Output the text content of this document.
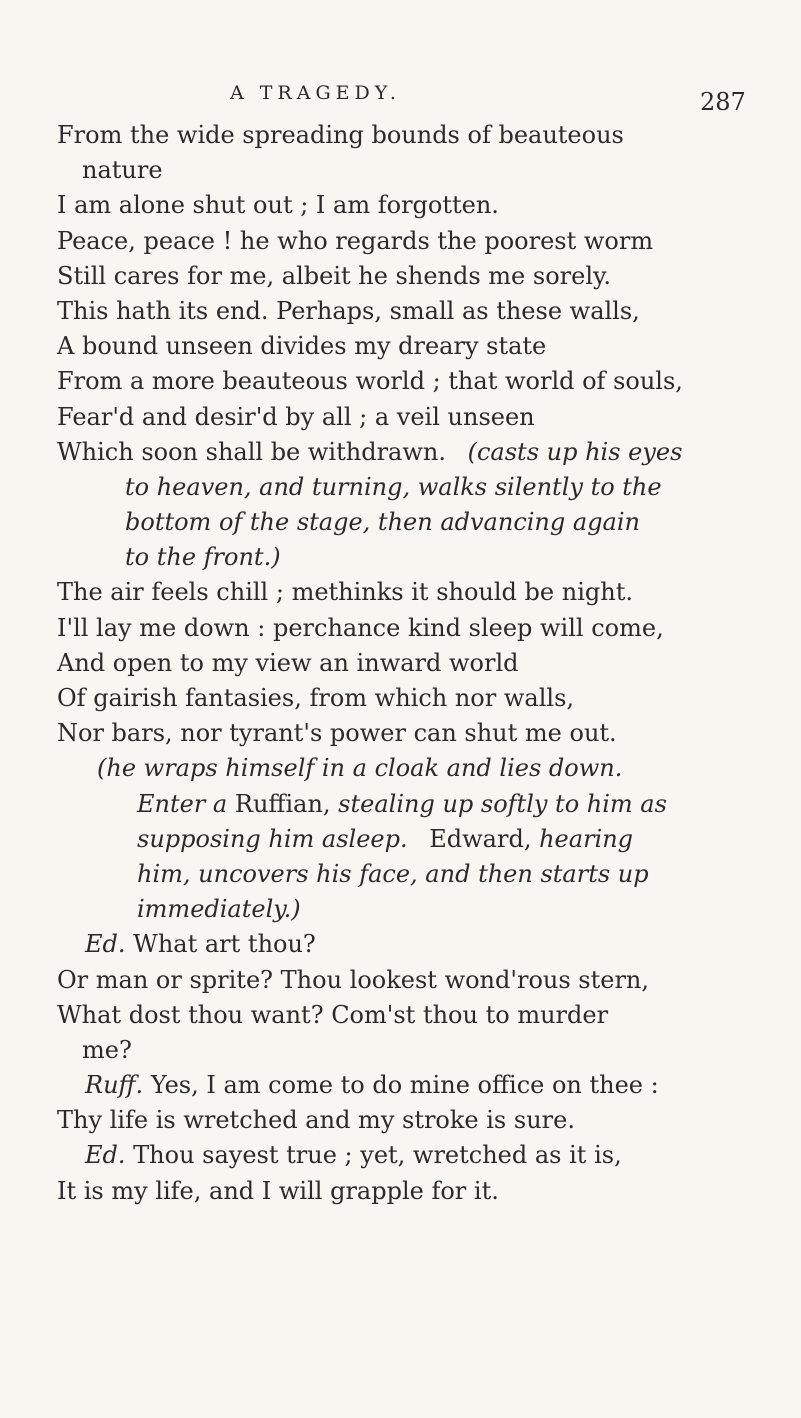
A TRAGEDY.	287
From the wide spreading bounds of beauteous
nature
I am alone shut out ; I am forgotten.
Peace, peace ! he who regards the poorest worm
Still cares for me, albeit he shends me sorely.
This hath its end. Perhaps, small as these walls,
A bound unseen divides my dreary state
From a more beauteous world ; that world of souls,
Fear'd and desir'd by all ; a veil unseen
Which soon shall be withdrawn. (casts up his eyes
to heaven, and turning, walks silently to the
bottom of the stage, then advancing again
to the front.)
The air feels chill ; methinks it should be night.
I'll lay me down : perchance kind sleep will come,
And open to my view an inward world
Of gairish fantasies, from which nor walls,
Nor bars, nor tyrant's power can shut me out.
(he wraps himself in a cloak and lies down.
Enter a Ruffian, stealing up softly to him as
supposing him asleep. Edward, hearing
him, uncovers his face, and then starts up
immediately.)
Ed. What art thou?
Or man or sprite? Thou lookest wond'rous stern,
What dost thou want? Com'st thou to murder
me?
Ruff. Yes, I am come to do mine office on thee :
Thy life is wretched and my stroke is sure.
Ed. Thou sayest true ; yet, wretched as it is,
It is my life, and I will grapple for it.
